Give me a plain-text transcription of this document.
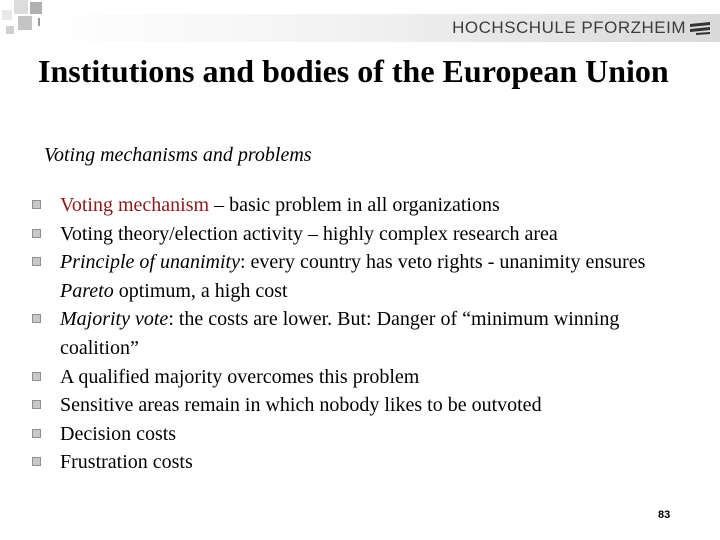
HOCHSCHULE PFORZHEIM
Institutions and bodies of the European Union
Voting mechanisms and problems
Voting mechanism – basic problem in all organizations
Voting theory/election activity – highly complex research area
Principle of unanimity: every country has veto rights - unanimity ensures Pareto optimum, a high cost
Majority vote: the costs are lower. But: Danger of “minimum winning coalition”
A qualified majority overcomes this problem
Sensitive areas remain in which nobody likes to be outvoted
Decision costs
Frustration costs
83
